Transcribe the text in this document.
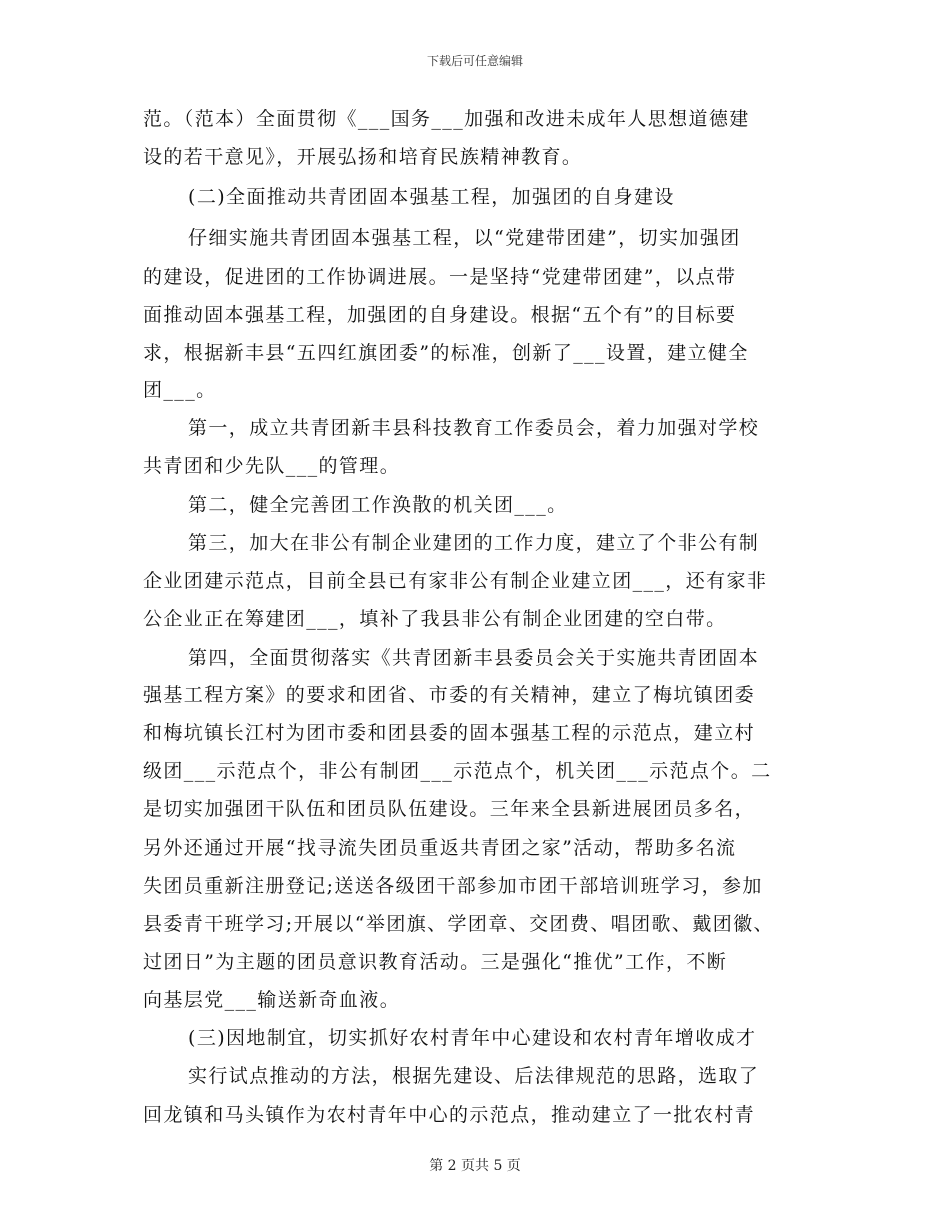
下载后可任意编辑
范。（范本）全面贯彻《___国务___加强和改进未成年人思想道德建
设的若干意见》，开展弘扬和培育民族精神教育。
(二)全面推动共青团固本强基工程，加强团的自身建设
仔细实施共青团固本强基工程，以“党建带团建”，切实加强团
的建设，促进团的工作协调进展。一是坚持“党建带团建”，以点带
面推动固本强基工程，加强团的自身建设。根据“五个有”的目标要
求，根据新丰县“五四红旗团委”的标准，创新了___设置，建立健全
团___。
第一，成立共青团新丰县科技教育工作委员会，着力加强对学校
共青团和少先队___的管理。
第二，健全完善团工作涣散的机关团___。
第三，加大在非公有制企业建团的工作力度，建立了个非公有制
企业团建示范点，目前全县已有家非公有制企业建立团___，还有家非
公企业正在筹建团___，填补了我县非公有制企业团建的空白带。
第四，全面贯彻落实《共青团新丰县委员会关于实施共青团固本
强基工程方案》的要求和团省、市委的有关精神，建立了梅坑镇团委
和梅坑镇长江村为团市委和团县委的固本强基工程的示范点，建立村
级团___示范点个，非公有制团___示范点个，机关团___示范点个。二
是切实加强团干队伍和团员队伍建设。三年来全县新进展团员多名，
另外还通过开展“找寻流失团员重返共青团之家”活动，帮助多名流
失团员重新注册登记;送送各级团干部参加市团干部培训班学习，参加
县委青干班学习;开展以“举团旗、学团章、交团费、唱团歌、戴团徽、
过团日”为主题的团员意识教育活动。三是强化“推优”工作，不断
向基层党___输送新奇血液。
(三)因地制宜，切实抓好农村青年中心建设和农村青年增收成才
实行试点推动的方法，根据先建设、后法律规范的思路，选取了
回龙镇和马头镇作为农村青年中心的示范点，推动建立了一批农村青
第 2 页共 5 页
